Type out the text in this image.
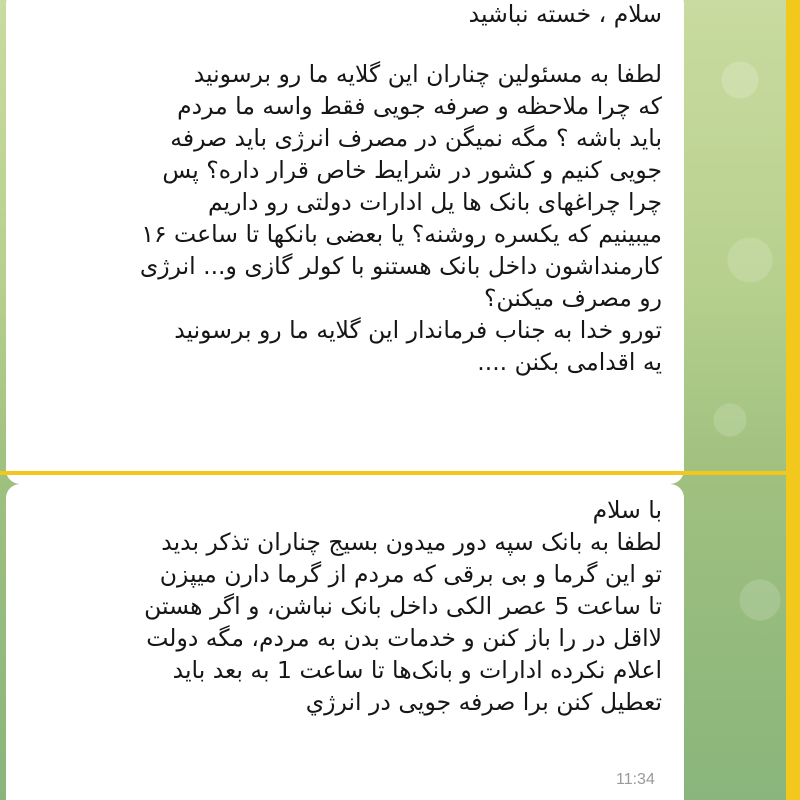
سلام ، خسته نباشید
لطفا به مسئولین چناران این گلایه ما رو برسونید
که چرا ملاحظه و صرفه جویی فقط واسه ما مردم
باید باشه ؟ مگه نمیگن در مصرف انرژی باید صرفه
جویی کنیم و کشور در شرایط خاص قرار داره؟ پس
چرا چراغهای بانک ها یل ادارات دولتی رو داریم
میبینیم که یکسره روشنه؟ یا بعضی بانکها تا ساعت ۱۶
کارمنداشون داخل بانک هستنو با کولر گازی و... انرژی
رو مصرف میکنن؟
تورو خدا به جناب فرماندار این گلایه ما رو برسونید
یه اقدامی بکنن ....
با سلام
لطفا به بانک سپه دور میدون بسیج چناران تذکر بدید
تو این گرما و بی برقی که مردم از گرما دارن میپزن
تا ساعت 5 عصر الکی داخل بانک نباشن، و اگر هستن
لااقل در را باز کنن و خدمات بدن به مردم، مگه دولت
اعلام نکرده ادارات و بانک‌ها تا ساعت 1 به بعد باید
تعطیل کنن برا صرفه جویی در انرژي
11:34
